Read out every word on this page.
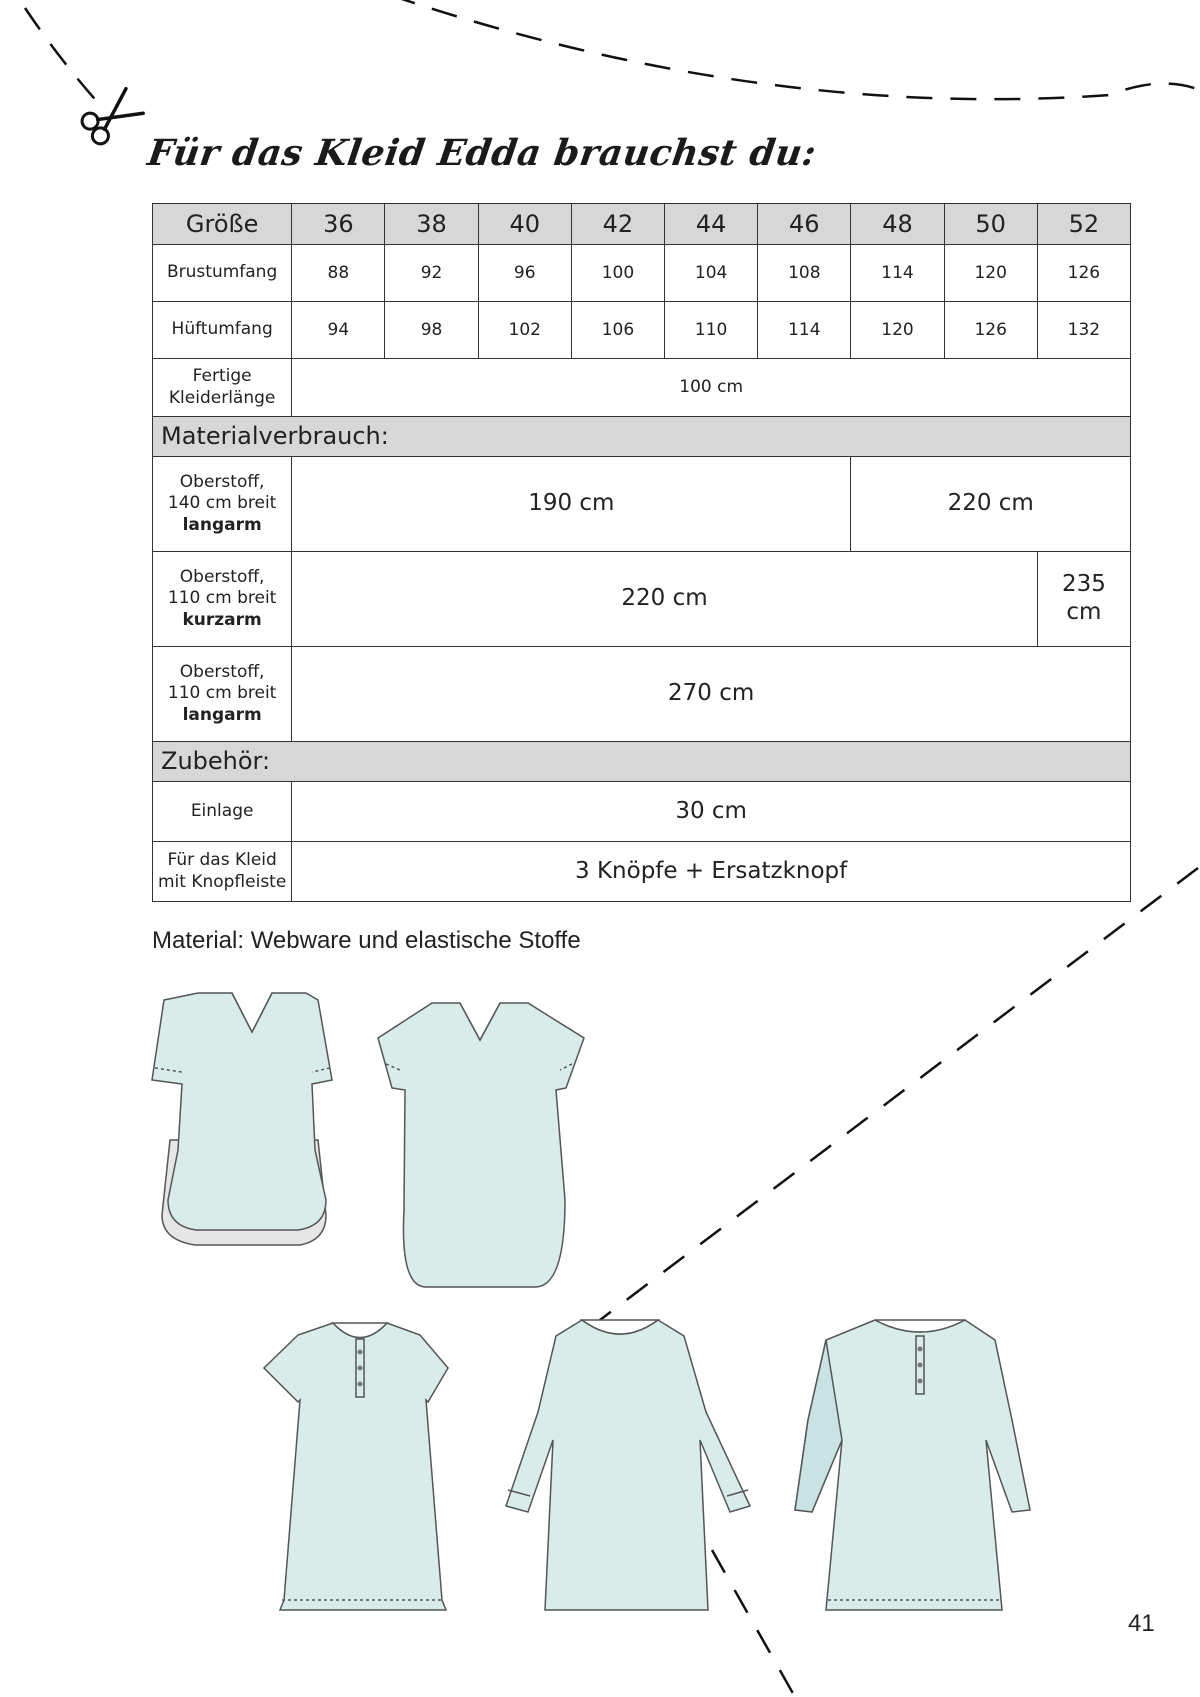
Für das Kleid Edda brauchst du:
Größe	36	38	40	42	44	46	48	50	52
Brustumfang	88	92	96	100	104	108	114	120	126
Hüftumfang	94	98	102	106	110	114	120	126	132
Fertige
Kleiderlänge	100 cm								
Materialverbrauch:									
Oberstoff,
140 cm breit
langarm	190 cm						220 cm		
Oberstoff,
110 cm breit
kurzarm	220 cm								235 cm
Oberstoff,
110 cm breit
langarm	270 cm								
Zubehör:									
Einlage	30 cm								
Für das Kleid
mit Knopfleiste	3 Knöpfe + Ersatzknopf								
Material: Webware und elastische Stoffe
41
